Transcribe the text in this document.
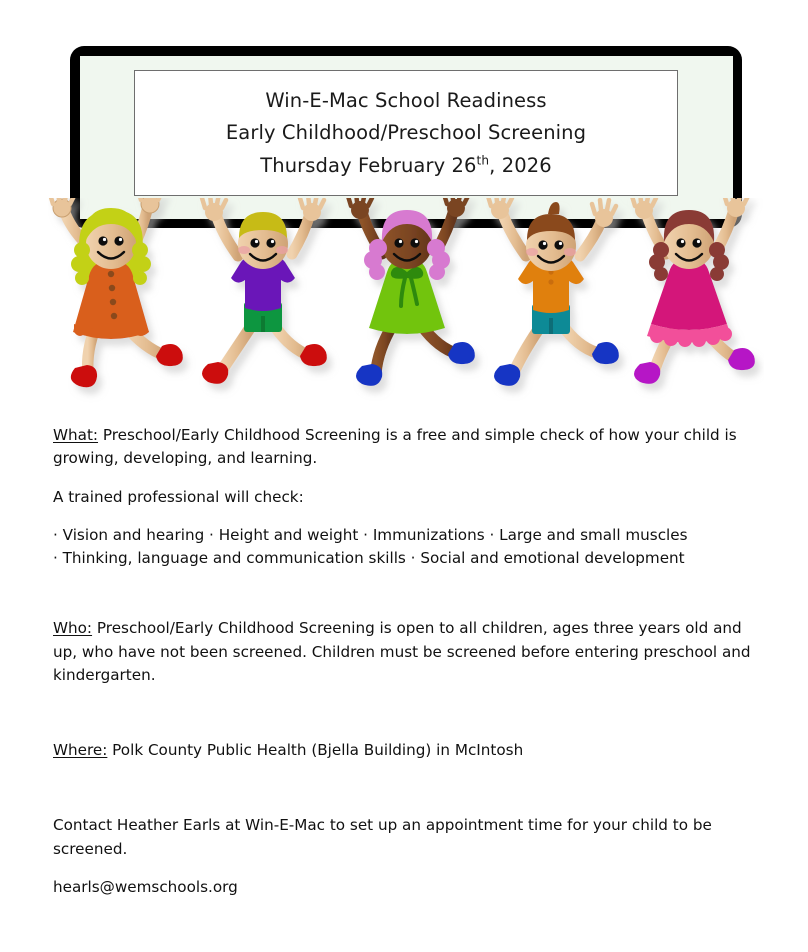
Win-E-Mac School Readiness

Early Childhood/Preschool Screening

Thursday February 26th, 2026

What: Preschool/Early Childhood Screening is a free and simple check of how your child is growing, developing, and learning.

A trained professional will check:

· Vision and hearing · Height and weight · Immunizations · Large and small muscles

· Thinking, language and communication skills · Social and emotional development

Who: Preschool/Early Childhood Screening is open to all children, ages three years old and up, who have not been screened. Children must be screened before entering preschool and kindergarten.

Where: Polk County Public Health (Bjella Building) in McIntosh

Contact Heather Earls at Win-E-Mac to set up an appointment time for your child to be screened.

hearls@wemschools.org
